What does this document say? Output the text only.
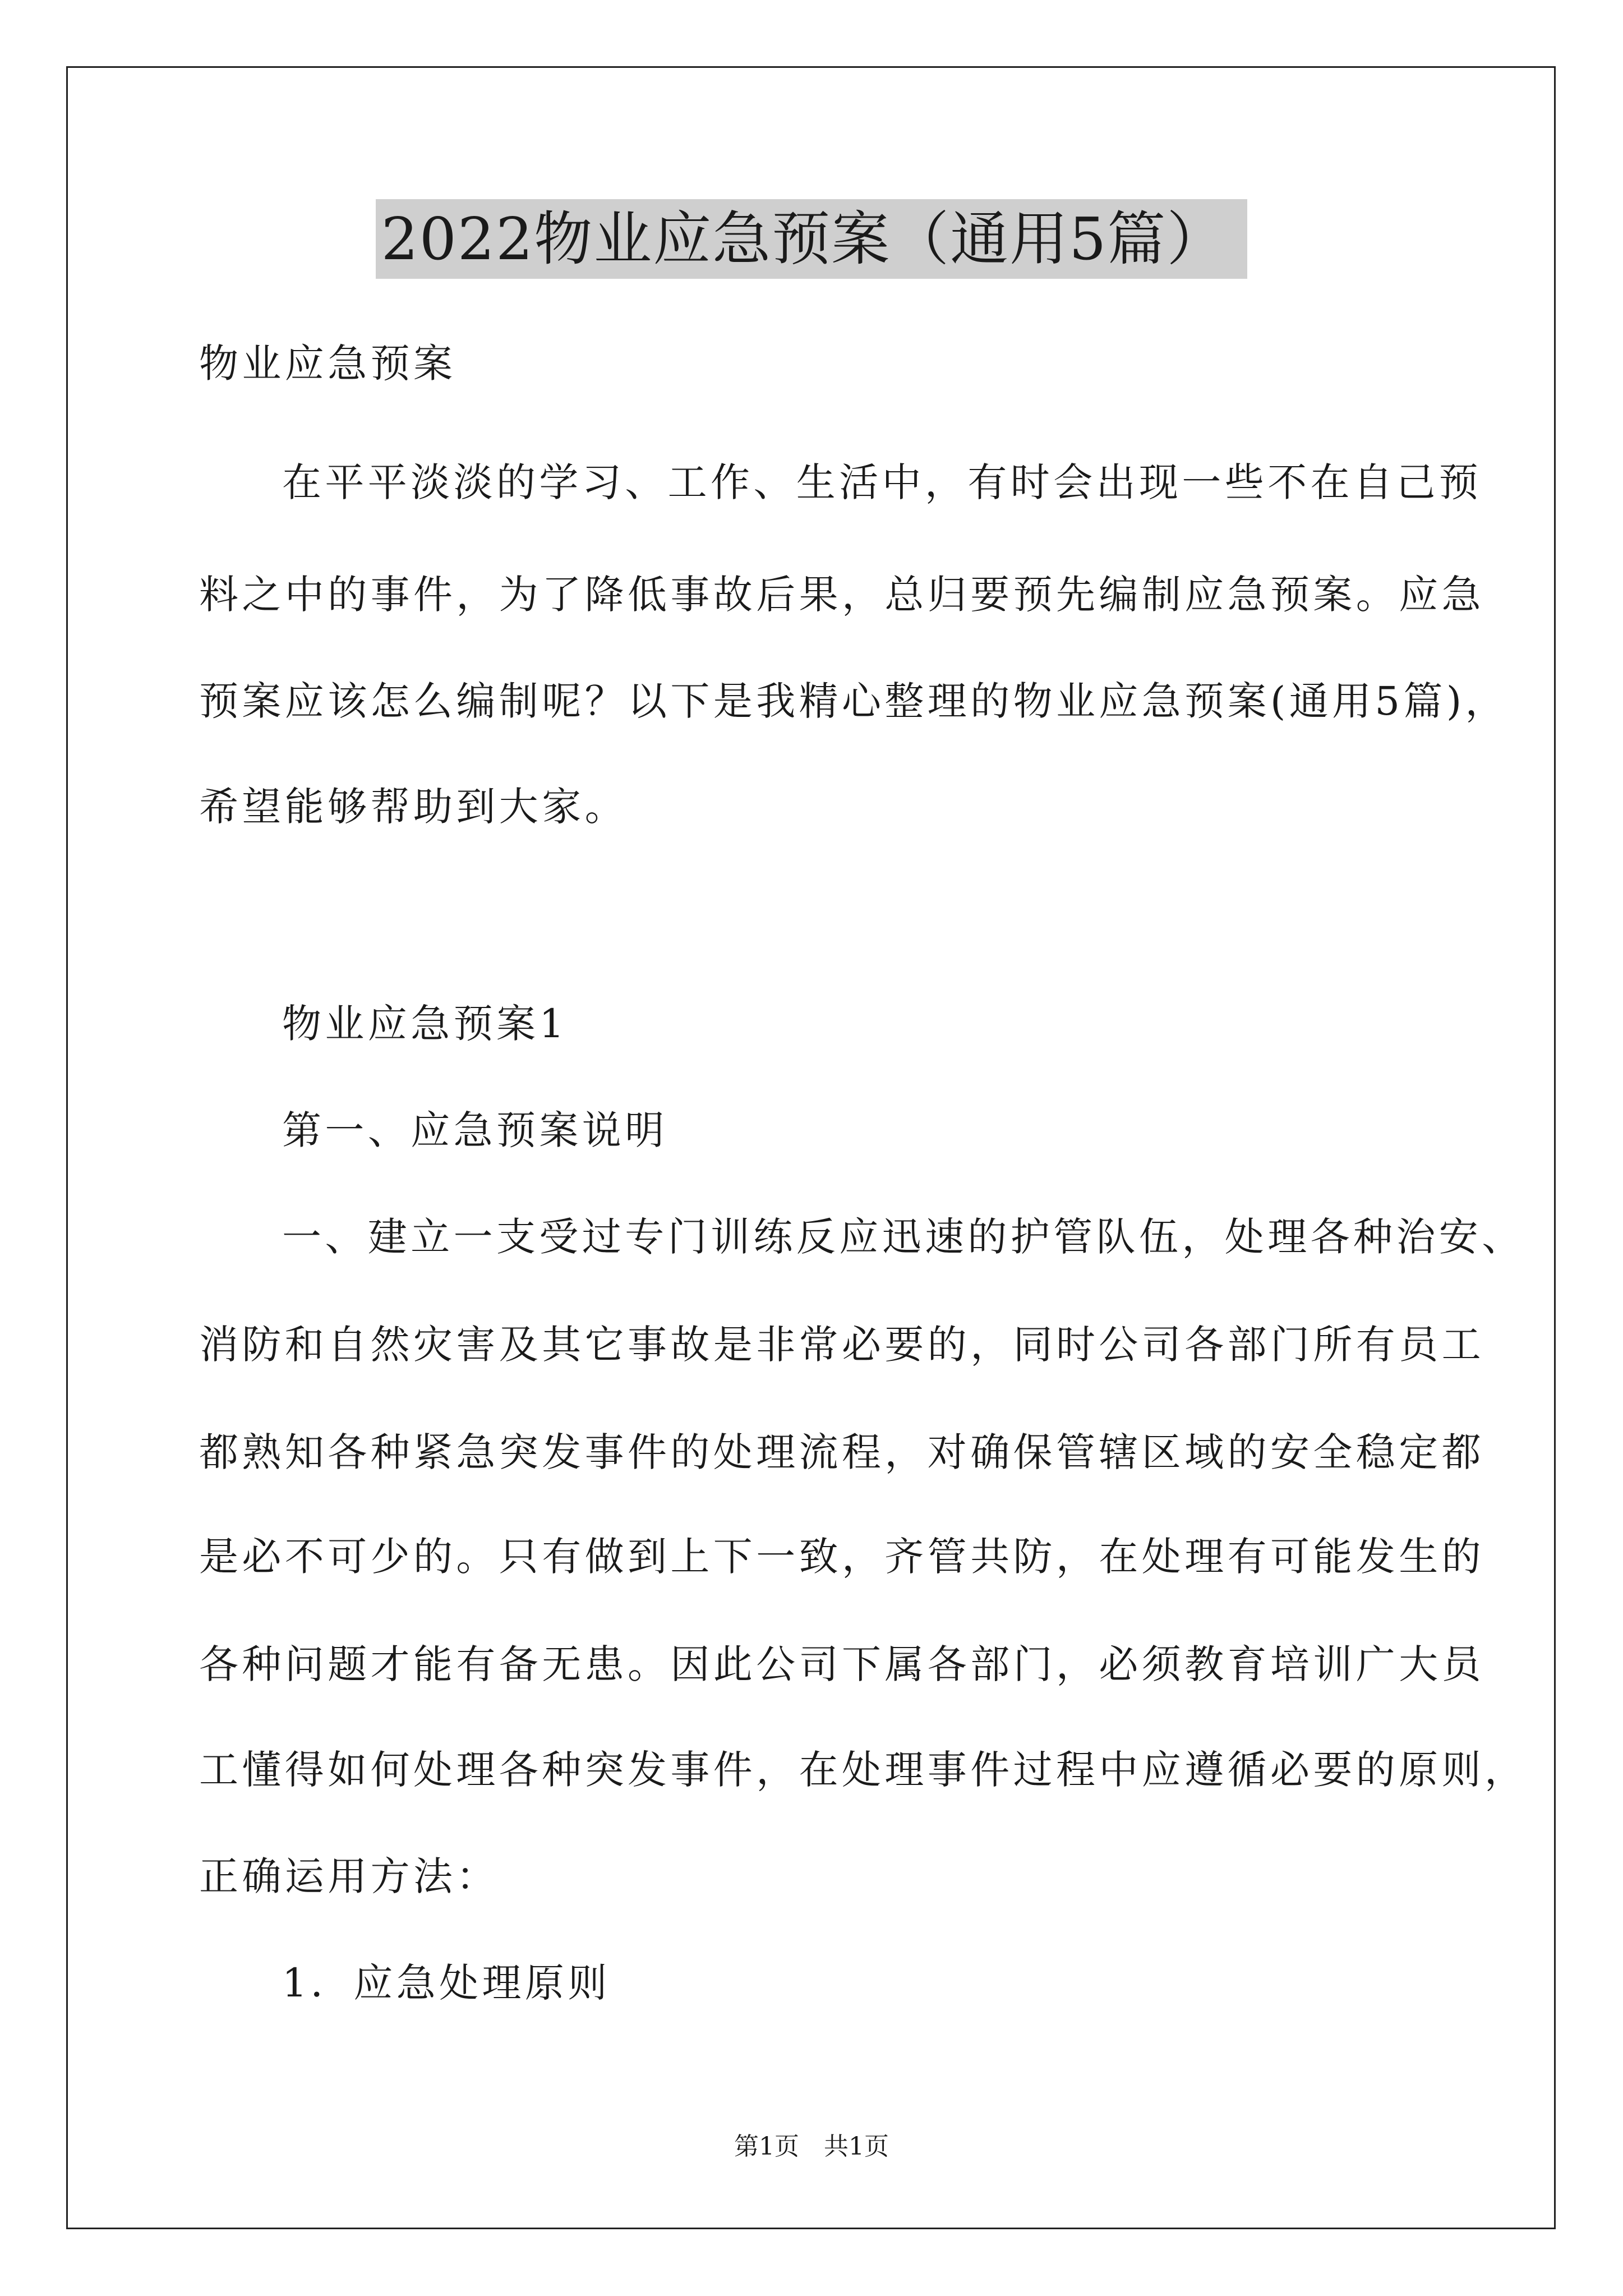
2022物业应急预案（通用5篇）
物业应急预案
在平平淡淡的学习、工作、生活中，有时会出现一些不在自己预
料之中的事件，为了降低事故后果，总归要预先编制应急预案。应急
预案应该怎么编制呢？以下是我精心整理的物业应急预案(通用5篇)，
希望能够帮助到大家。
物业应急预案1
第一、应急预案说明
一、建立一支受过专门训练反应迅速的护管队伍，处理各种治安、
消防和自然灾害及其它事故是非常必要的，同时公司各部门所有员工
都熟知各种紧急突发事件的处理流程，对确保管辖区域的安全稳定都
是必不可少的。只有做到上下一致，齐管共防，在处理有可能发生的
各种问题才能有备无患。因此公司下属各部门，必须教育培训广大员
工懂得如何处理各种突发事件，在处理事件过程中应遵循必要的原则，
正确运用方法：
1．应急处理原则
第1页　共1页
